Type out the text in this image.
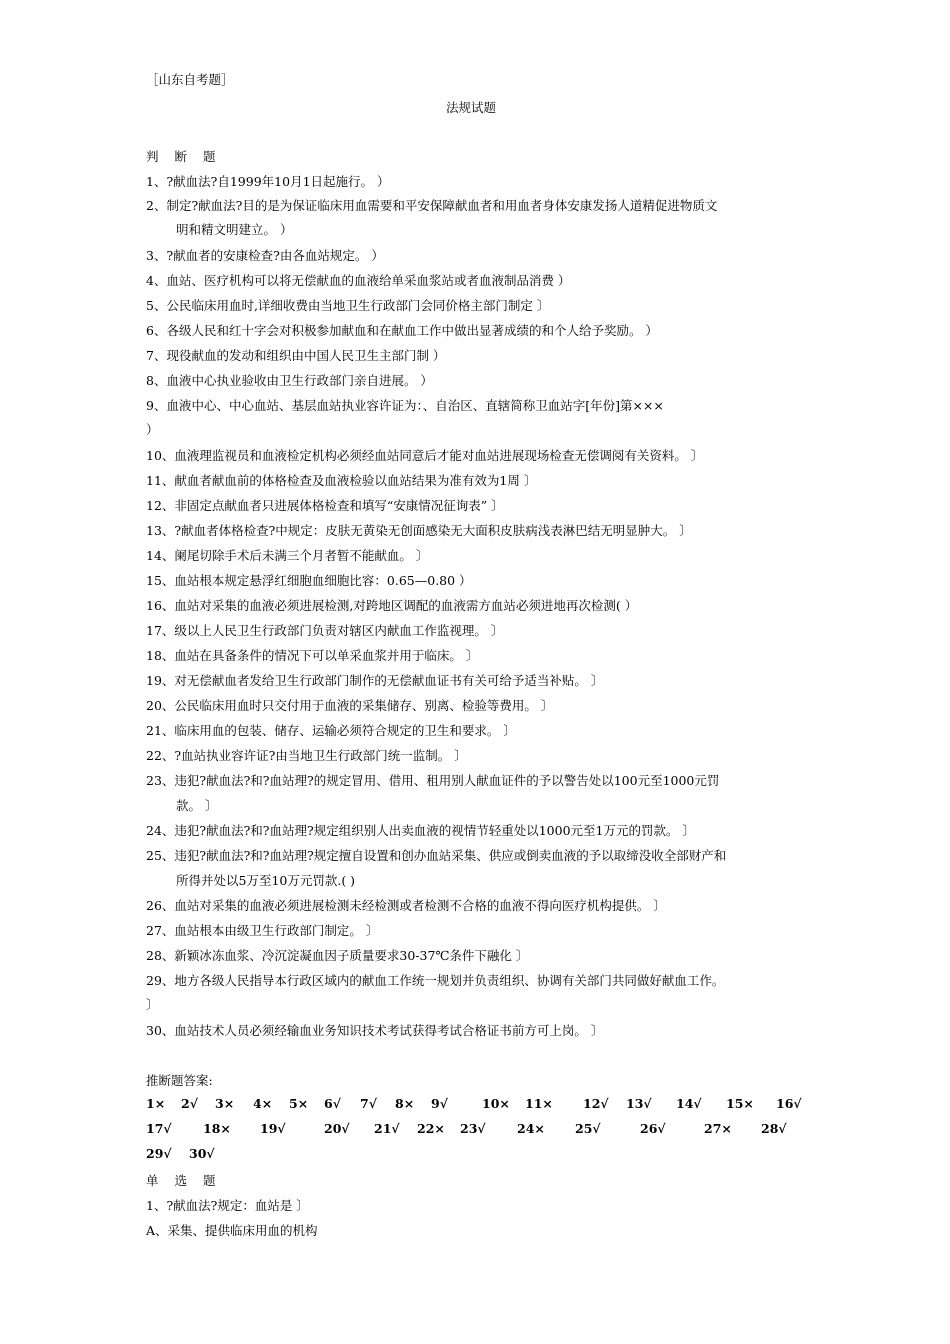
［山东自考题］
法规试题
判 断 题
1、?献血法?自1999年10月1日起施行。 ）
2、制定?献血法?目的是为保证临床用血需要和平安保障献血者和用血者身体安康发扬人道精促进物质文
明和精文明建立。 ）
3、?献血者的安康检查?由各血站规定。 ）
4、血站、医疗机构可以将无偿献血的血液给单采血浆站或者血液制品消费 ）
5、公民临床用血时,详细收费由当地卫生行政部门会同价格主部门制定 〕
6、各级人民和红十字会对积极参加献血和在献血工作中做出显著成绩的和个人给予奖励。 ）
7、现役献血的发动和组织由中国人民卫生主部门制 ）
8、血液中心执业验收由卫生行政部门亲自进展。 ）
9、血液中心、中心血站、基层血站执业容许证为：、自治区、直辖简称卫血站字[年份]第×××
）
10、血液理监视员和血液检定机构必须经血站同意后才能对血站进展现场检查无偿调阅有关资料。 〕
11、献血者献血前的体格检查及血液检验以血站结果为准有效为1周 〕
12、非固定点献血者只进展体格检查和填写“安康情况征询表” 〕
13、?献血者体格检查?中规定：皮肤无黄染无创面感染无大面积皮肤病浅表淋巴结无明显肿大。 〕
14、阑尾切除手术后未满三个月者暂不能献血。 〕
15、血站根本规定悬浮红细胞血细胞比容：0.65—0.80 ）
16、血站对采集的血液必须进展检测,对跨地区调配的血液需方血站必须进地再次检测( ）
17、级以上人民卫生行政部门负责对辖区内献血工作监视理。 〕
18、血站在具备条件的情况下可以单采血浆并用于临床。 〕
19、对无偿献血者发给卫生行政部门制作的无偿献血证书有关可给予适当补贴。 〕
20、公民临床用血时只交付用于血液的采集储存、别离、检验等费用。 〕
21、临床用血的包装、储存、运输必须符合规定的卫生和要求。 〕
22、?血站执业容许证?由当地卫生行政部门统一监制。 〕
23、违犯?献血法?和?血站理?的规定冒用、借用、租用别人献血证件的予以警告处以100元至1000元罚
款。 〕
24、违犯?献血法?和?血站理?规定组织别人出卖血液的视情节轻重处以1000元至1万元的罚款。 〕
25、违犯?献血法?和?血站理?规定擅自设置和创办血站采集、供应或倒卖血液的予以取缔没收全部财产和
所得并处以5万至10万元罚款.( )
26、血站对采集的血液必须进展检测未经检测或者检测不合格的血液不得向医疗机构提供。 〕
27、血站根本由级卫生行政部门制定。 〕
28、新颖冰冻血浆、冷沉淀凝血因子质量要求30-37℃条件下融化 〕
29、地方各级人民指导本行政区域内的献血工作统一规划并负责组织、协调有关部门共同做好献血工作。
〕
30、血站技术人员必须经输血业务知识技术考试获得考试合格证书前方可上岗。 〕
推断题答案:
1× 2√ 3× 4× 5× 6√ 7√ 8× 9√	10× 11× 12√ 13√ 14√ 15× 16√
17√	18× 19√	20√ 21√ 22× 23√	24× 25√	26√	27× 28√
29√ 30√
单 选 题
1、?献血法?规定：血站是 〕
A、采集、提供临床用血的机构
